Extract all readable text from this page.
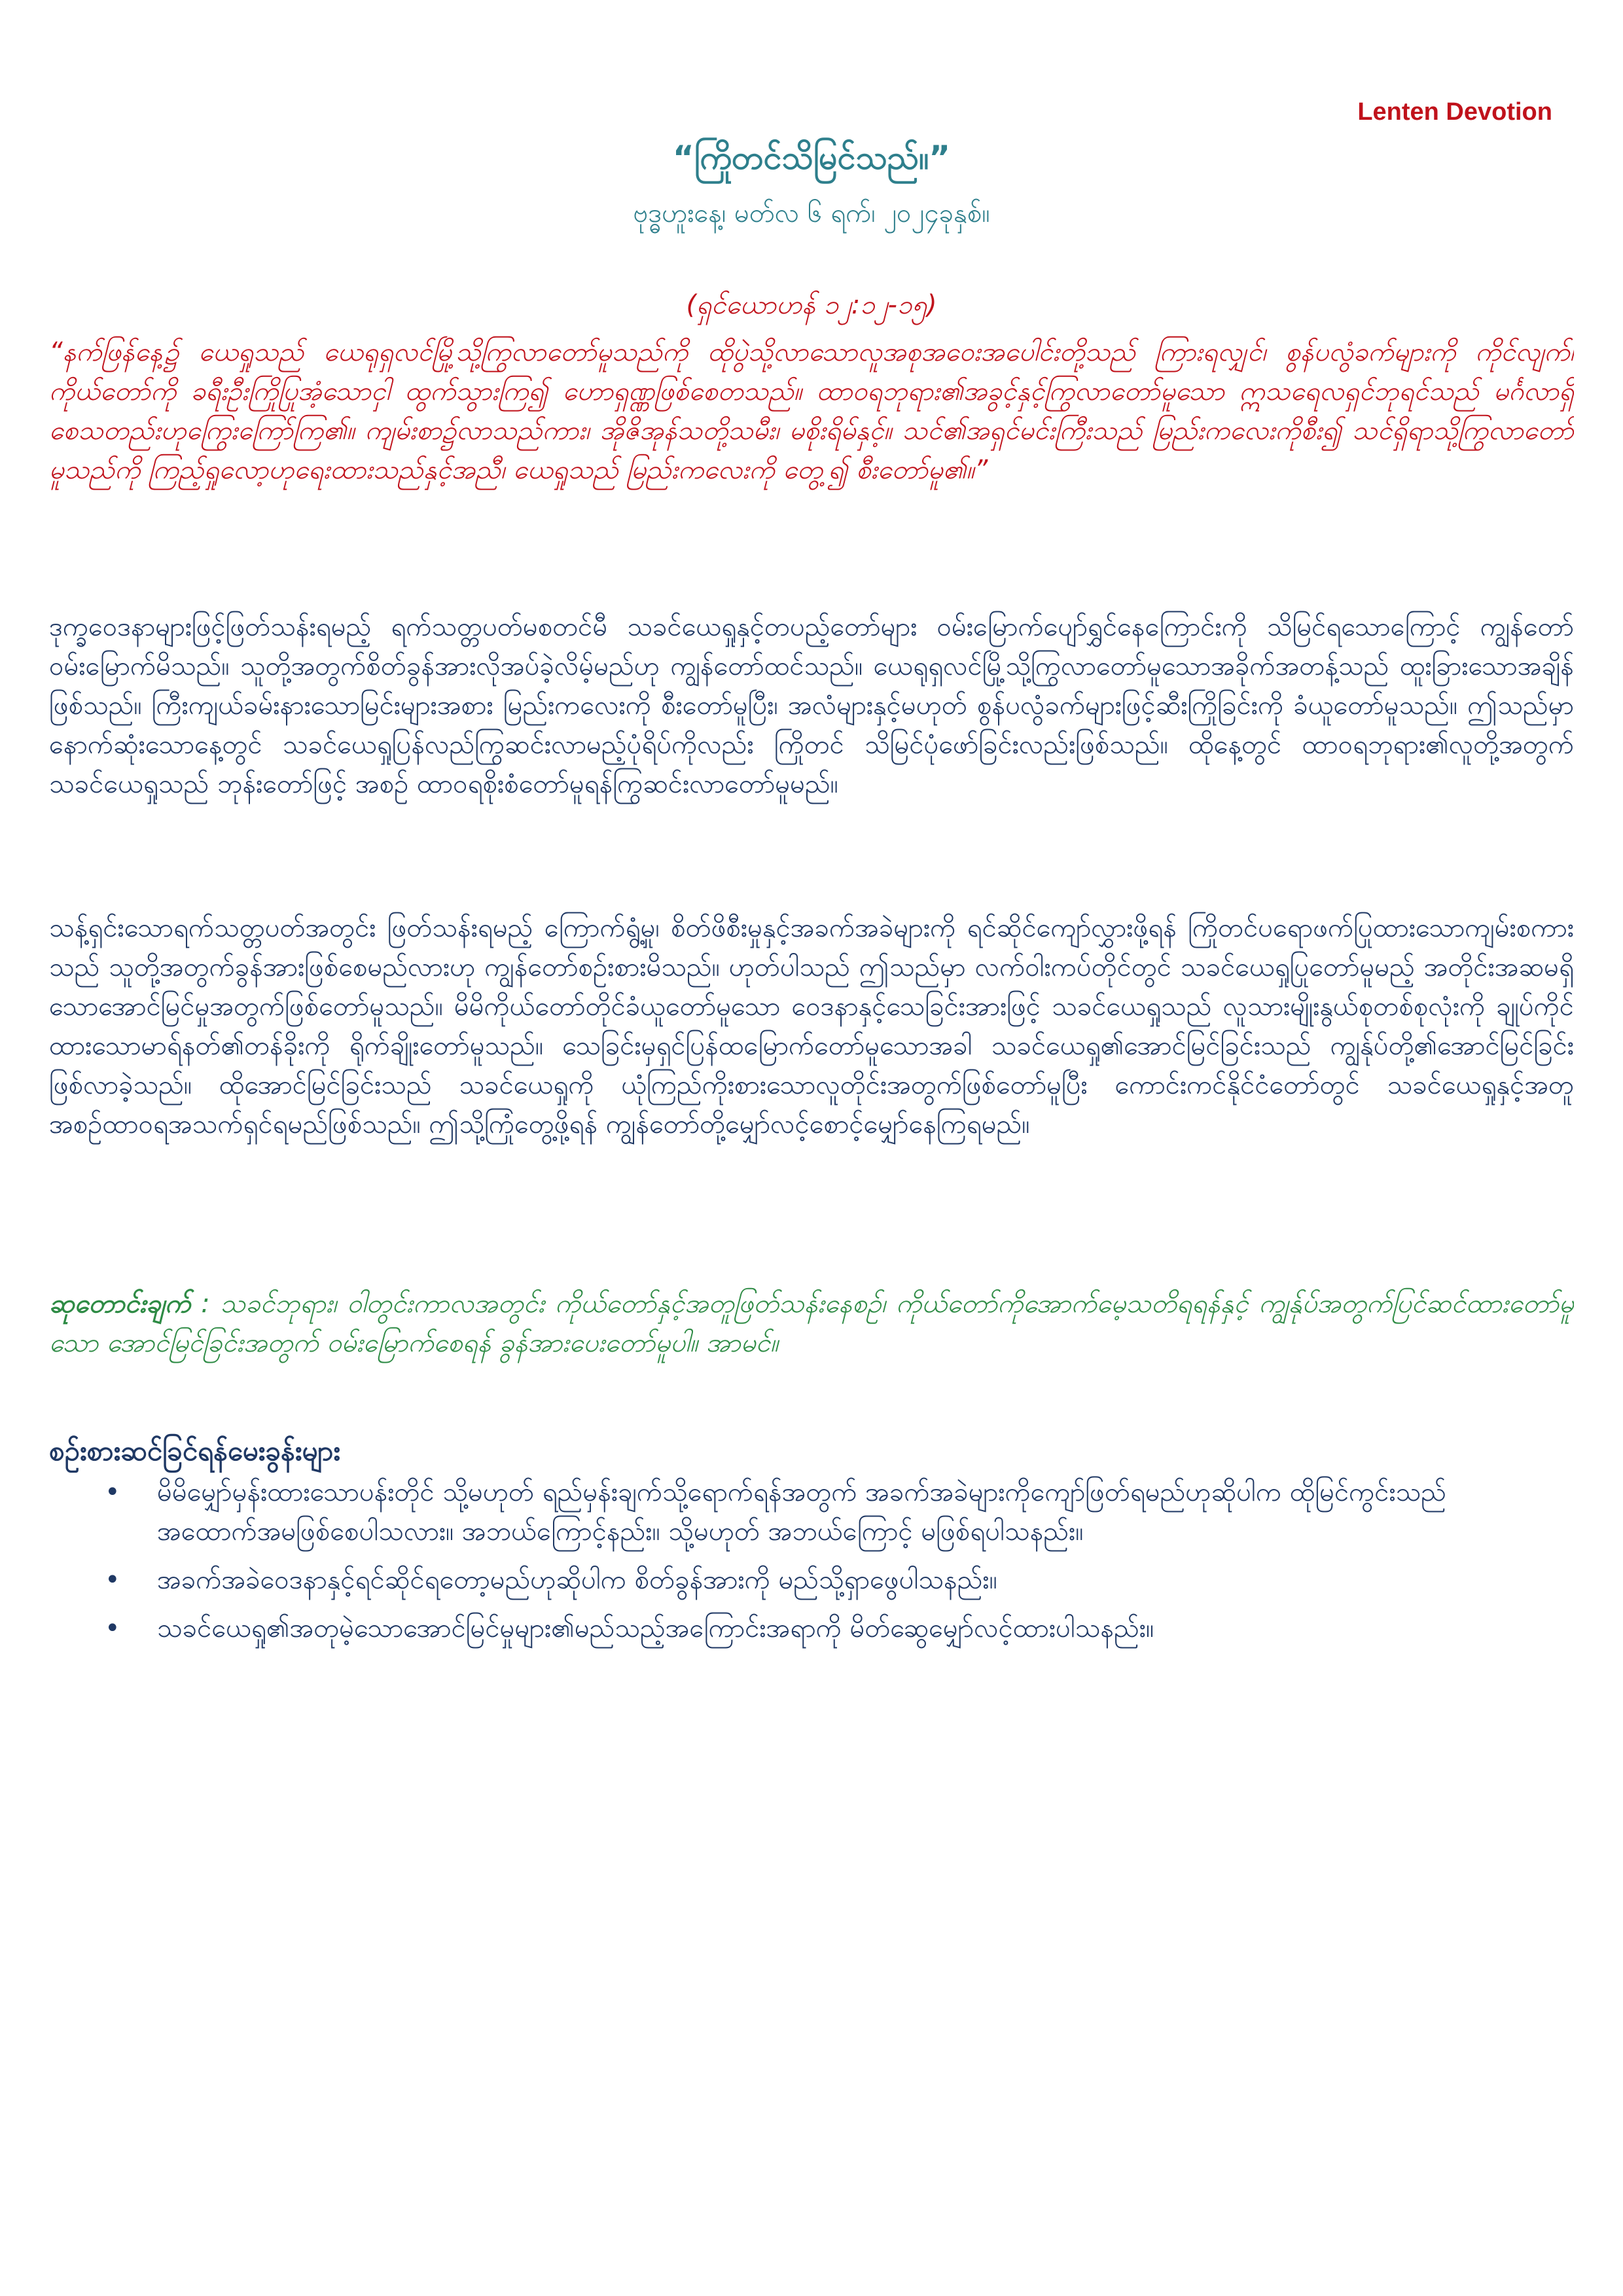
Lenten Devotion
“ကြိုတင်သိမြင်သည်။”
ဗုဒ္ဓဟူးနေ့၊ မတ်လ ၆ ရက်၊ ၂၀၂၄ခုနှစ်။
(ရှင်ယောဟန် ၁၂:၁၂-၁၅)
“နက်ဖြန်နေ့၌ ယေရှုသည် ယေရုရှလင်မြို့သို့ကြွလာတော်မူသည်ကို ထိုပွဲသို့လာသောလူအစုအဝေးအပေါင်းတို့သည် ကြားရလျှင်၊ စွန်ပလွံခက်များကို ကိုင်လျက်၊ ကိုယ်တော်ကို ခရီးဦးကြိုပြုအံ့သောငှါ ထွက်သွားကြ၍ ဟောရှဏ္ဏဖြစ်စေတသည်။ ထာဝရဘုရား၏အခွင့်နှင့်ကြွလာတော်မူသော ဣသရေလရှင်ဘုရင်သည် မင်္ဂလာရှိစေသတည်းဟုကြွေးကြော်ကြ၏။ ကျမ်းစာ၌လာသည်ကား၊ အိုဇိအုန်သတို့သမီး၊ မစိုးရိမ်နှင့်။ သင်၏အရှင်မင်းကြီးသည် မြည်းကလေးကိုစီး၍ သင်ရှိရာသို့ကြွလာတော်မူသည်ကို ကြည့်ရှုလော့ဟုရေးထားသည်နှင့်အညီ၊ ယေရှုသည် မြည်းကလေးကို တွေ့၍ စီးတော်မူ၏။”
ဒုက္ခဝေဒနာများဖြင့်ဖြတ်သန်းရမည့် ရက်သတ္တပတ်မစတင်မီ သခင်ယေရှုနှင့်တပည့်တော်များ ဝမ်းမြောက်ပျော်ရွှင်နေကြောင်းကို သိမြင်ရသောကြောင့် ကျွန်တော်ဝမ်းမြောက်မိသည်။ သူတို့အတွက်စိတ်ခွန်အားလိုအပ်ခဲ့လိမ့်မည်ဟု ကျွန်တော်ထင်သည်။ ယေရုရှလင်မြို့သို့ကြွလာတော်မူသောအခိုက်အတန့်သည် ထူးခြားသောအချိန်ဖြစ်သည်။ ကြီးကျယ်ခမ်းနားသောမြင်းများအစား မြည်းကလေးကို စီးတော်မူပြီး၊ အလံများနှင့်မဟုတ် စွန်ပလွံခက်များဖြင့်ဆီးကြိုခြင်းကို ခံယူတော်မူသည်။ ဤသည်မှာ နောက်ဆုံးသောနေ့တွင် သခင်ယေရှုပြန်လည်ကြွဆင်းလာမည့်ပုံရိပ်ကိုလည်း ကြိုတင် သိမြင်ပုံဖော်ခြင်းလည်းဖြစ်သည်။ ထိုနေ့တွင် ထာဝရဘုရား၏လူတို့အတွက် သခင်ယေရှုသည် ဘုန်းတော်ဖြင့် အစဉ် ထာဝရစိုးစံတော်မူရန်ကြွဆင်းလာတော်မူမည်။
သန့်ရှင်းသောရက်သတ္တပတ်အတွင်း ဖြတ်သန်းရမည့် ကြောက်ရွံ့မှု၊ စိတ်ဖိစီးမှုနှင့်အခက်အခဲများကို ရင်ဆိုင်ကျော်လွှားဖို့ရန် ကြိုတင်ပရောဖက်ပြုထားသောကျမ်းစကားသည် သူတို့အတွက်ခွန်အားဖြစ်စေမည်လားဟု ကျွန်တော်စဉ်းစားမိသည်။ ဟုတ်ပါသည် ဤသည်မှာ လက်ဝါးကပ်တိုင်တွင် သခင်ယေရှုပြုတော်မူမည့် အတိုင်းအဆမရှိသောအောင်မြင်မှုအတွက်ဖြစ်တော်မူသည်။ မိမိကိုယ်တော်တိုင်ခံယူတော်မူသော ဝေဒနာနှင့်သေခြင်းအားဖြင့် သခင်ယေရှုသည် လူသားမျိုးနွယ်စုတစ်စုလုံးကို ချုပ်ကိုင်ထားသောမာရ်နတ်၏တန်ခိုးကို ရိုက်ချိုးတော်မူသည်။ သေခြင်းမှရှင်ပြန်ထမြောက်တော်မူသောအခါ သခင်ယေရှု၏အောင်မြင်ခြင်းသည် ကျွန်ုပ်တို့၏အောင်မြင်ခြင်းဖြစ်လာခဲ့သည်။ ထိုအောင်မြင်ခြင်းသည် သခင်ယေရှုကို ယုံကြည်ကိုးစားသောလူတိုင်းအတွက်ဖြစ်တော်မူပြီး ကောင်းကင်နိုင်ငံတော်တွင် သခင်ယေရှုနှင့်အတူ အစဉ်ထာဝရအသက်ရှင်ရမည်ဖြစ်သည်။ ဤသို့ကြုံတွေ့ဖို့ရန် ကျွန်တော်တို့မျှော်လင့်စောင့်မျှော်နေကြရမည်။
ဆုတောင်းချက် : သခင်ဘုရား၊ ဝါတွင်းကာလအတွင်း ကိုယ်တော်နှင့်အတူဖြတ်သန်းနေစဉ်၊ ကိုယ်တော်ကိုအောက်မေ့သတိရရန်နှင့် ကျွန်ုပ်အတွက်ပြင်ဆင်ထားတော်မူသော အောင်မြင်ခြင်းအတွက် ဝမ်းမြောက်စေရန် ခွန်အားပေးတော်မူပါ။ အာမင်။
စဉ်းစားဆင်ခြင်ရန်မေးခွန်းများ
• မိမိမျှော်မှန်းထားသောပန်းတိုင် သို့မဟုတ် ရည်မှန်းချက်သို့ရောက်ရန်အတွက် အခက်အခဲများကိုကျော်ဖြတ်ရမည်ဟုဆိုပါက ထိုမြင်ကွင်းသည် အထောက်အမဖြစ်စေပါသလား။ အဘယ်ကြောင့်နည်း။ သို့မဟုတ် အဘယ်ကြောင့် မဖြစ်ရပါသနည်း။
• အခက်အခဲဝေဒနာနှင့်ရင်ဆိုင်ရတော့မည်ဟုဆိုပါက စိတ်ခွန်အားကို မည်သို့ရှာဖွေပါသနည်း။
• သခင်ယေရှု၏အတုမဲ့သောအောင်မြင်မှုများ၏မည်သည့်အကြောင်းအရာကို မိတ်ဆွေမျှော်လင့်ထားပါသနည်း။
